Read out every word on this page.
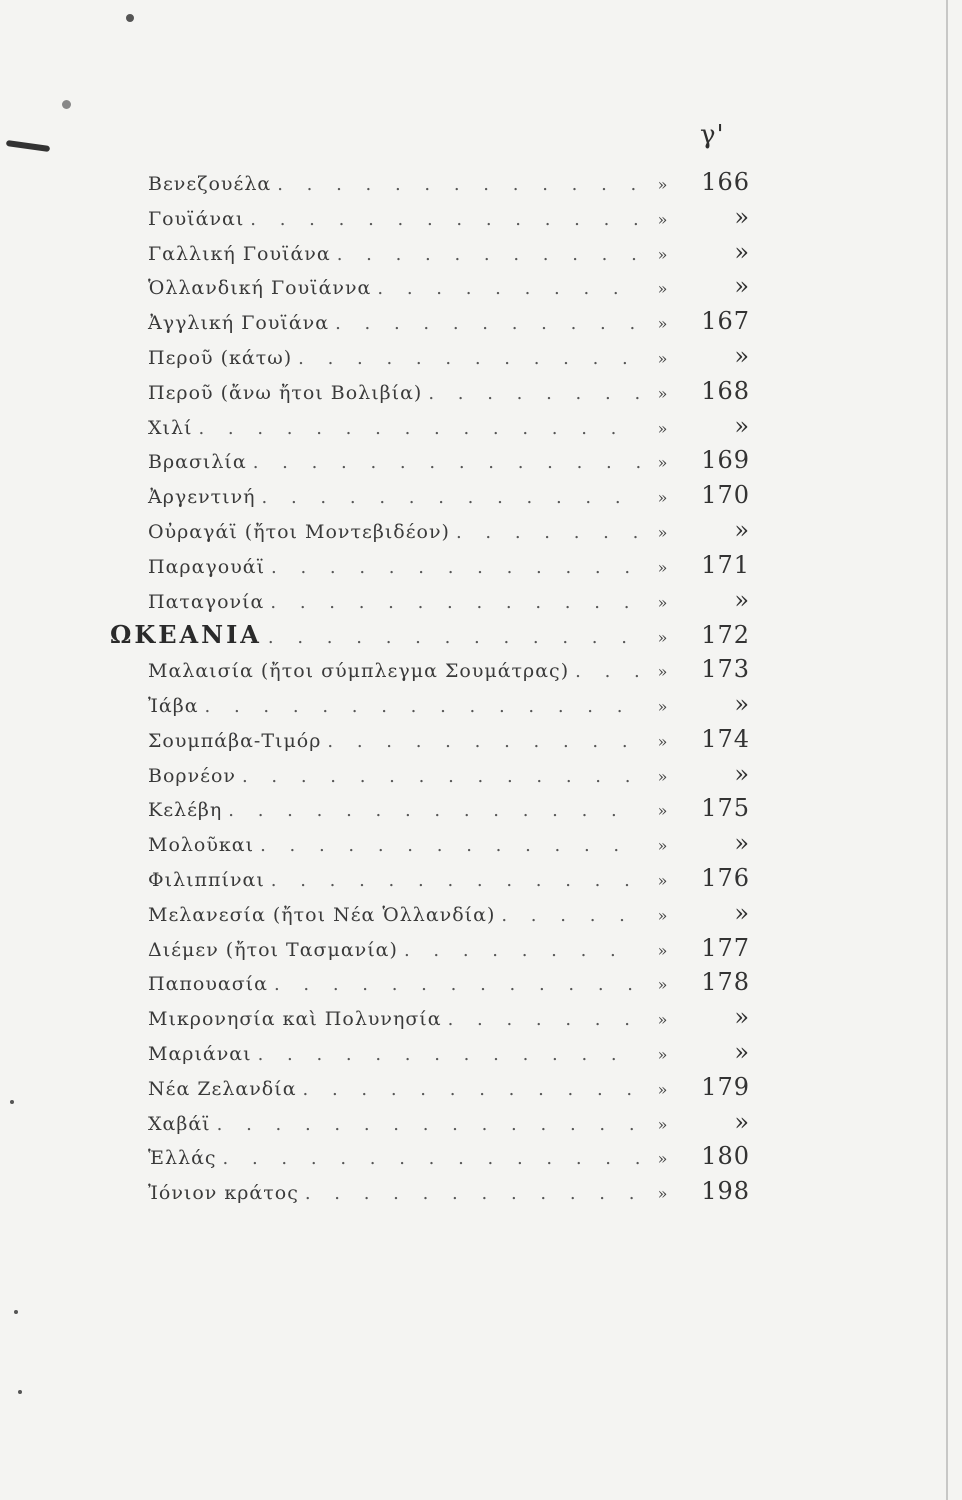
γ'
Βενεζουέλα . . .	»	166
Γουϊάναι . . .	»	»
Γαλλική Γουϊάνα . . .	»	»
Ὁλλανδική Γουϊάννα . . .	»	»
Ἀγγλική Γουϊάνα . . .	»	167
Περοῦ (κάτω) . . .	»	»
Περοῦ (ἄνω ἤτοι Βολιβία) . . .	»	168
Χιλί . . .	»	»
Βρασιλία . . .	»	169
Ἀργεντινή . . .	»	170
Οὐραγάϊ (ἤτοι Μοντεβιδέον) . . .	»	»
Παραγουάϊ . . .	»	171
Παταγονία . . .	»	»
ΩΚΕΑΝΙΑ . . .	»	172
Μαλαισία (ἤτοι σύμπλεγμα Σουμάτρας) . . .	»	173
Ἰάβα . . .	»	»
Σουμπάβα-Τιμόρ . . .	»	174
Βορνέον . . .	»	»
Κελέβη . . .	»	175
Μολοῦκαι . . .	»	»
Φιλιππίναι . . .	»	176
Μελανεσία (ἤτοι Νέα Ὁλλανδία) . . .	»	»
Διέμεν (ἤτοι Τασμανία) . . .	»	177
Παπουασία . . .	»	178
Μικρονησία καὶ Πολυνησία . . .	»	»
Μαριάναι . . .	»	»
Νέα Ζελανδία . . .	»	179
Χαβάϊ . . .	»	»
Ἑλλάς . . .	»	180
Ἰόνιον κράτος . . .	»	198
